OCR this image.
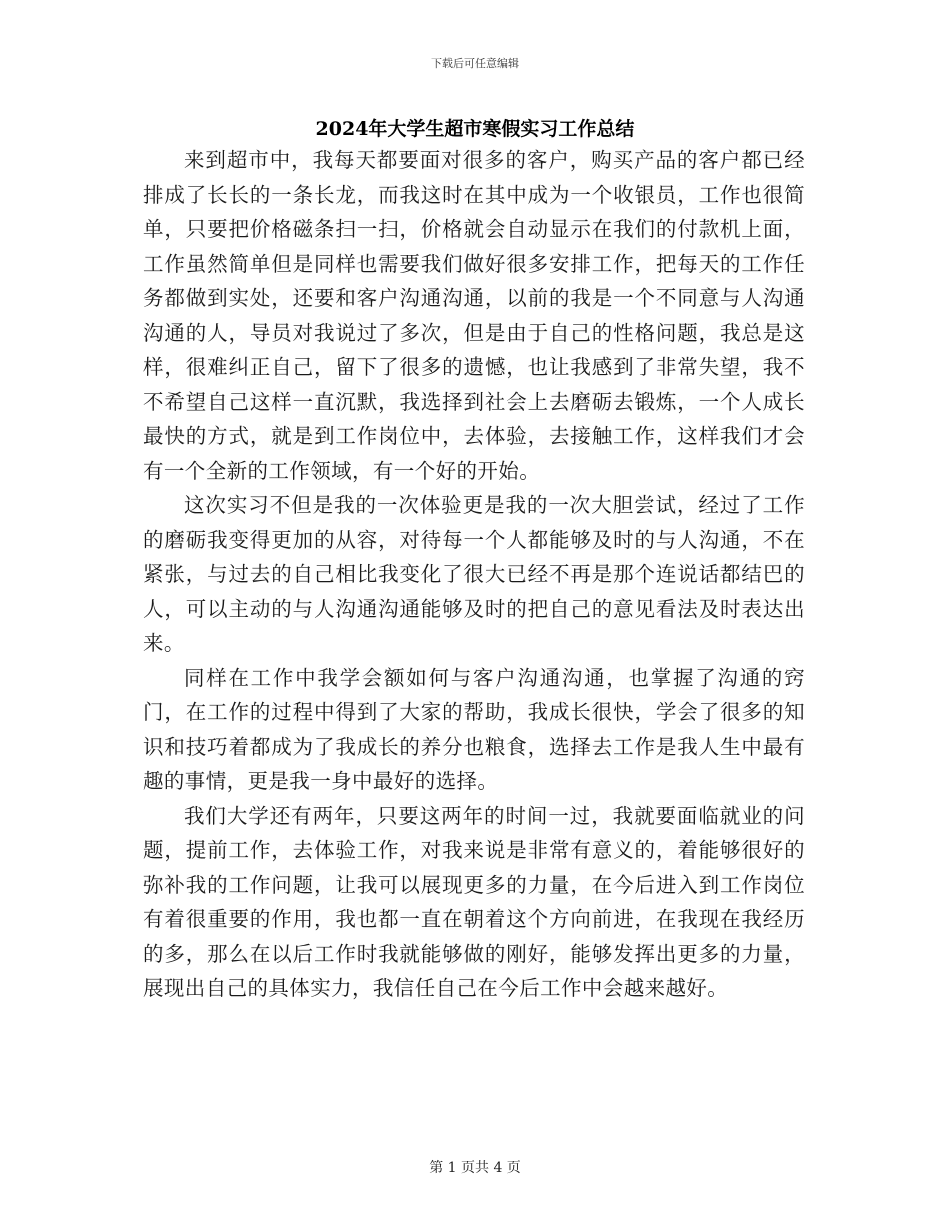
下载后可任意编辑
2024年大学生超市寒假实习工作总结

来到超市中，我每天都要面对很多的客户，购买产品的客户都已经排成了长长的一条长龙，而我这时在其中成为一个收银员，工作也很简单，只要把价格磁条扫一扫，价格就会自动显示在我们的付款机上面，工作虽然简单但是同样也需要我们做好很多安排工作，把每天的工作任务都做到实处，还要和客户沟通沟通，以前的我是一个不同意与人沟通沟通的人，导员对我说过了多次，但是由于自己的性格问题，我总是这样，很难纠正自己，留下了很多的遗憾，也让我感到了非常失望，我不不希望自己这样一直沉默，我选择到社会上去磨砺去锻炼，一个人成长最快的方式，就是到工作岗位中，去体验，去接触工作，这样我们才会有一个全新的工作领域，有一个好的开始。

这次实习不但是我的一次体验更是我的一次大胆尝试，经过了工作的磨砺我变得更加的从容，对待每一个人都能够及时的与人沟通，不在紧张，与过去的自己相比我变化了很大已经不再是那个连说话都结巴的人，可以主动的与人沟通沟通能够及时的把自己的意见看法及时表达出来。

同样在工作中我学会额如何与客户沟通沟通，也掌握了沟通的窍门，在工作的过程中得到了大家的帮助，我成长很快，学会了很多的知识和技巧着都成为了我成长的养分也粮食，选择去工作是我人生中最有趣的事情，更是我一身中最好的选择。

我们大学还有两年，只要这两年的时间一过，我就要面临就业的问题，提前工作，去体验工作，对我来说是非常有意义的，着能够很好的弥补我的工作问题，让我可以展现更多的力量，在今后进入到工作岗位有着很重要的作用，我也都一直在朝着这个方向前进，在我现在我经历的多，那么在以后工作时我就能够做的刚好，能够发挥出更多的力量，展现出自己的具体实力，我信任自己在今后工作中会越来越好。

第 1 页共 4 页
